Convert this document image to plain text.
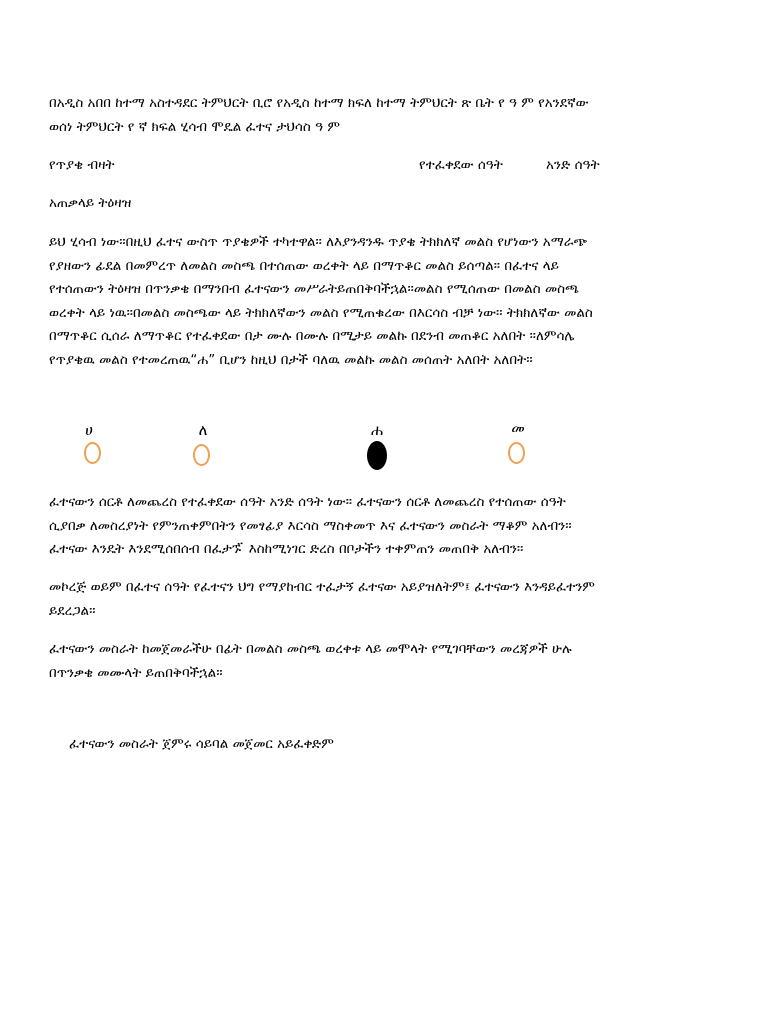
በአዲስ አበበ ከተማ አስተዳደር ትምህርት ቢሮ የአዲስ ከተማ ክፍለ ከተማ ትምህርት ጽ ቤት የ ዓ ም የአንደኛው
ወሰነ ትምህርት የ ኛ ክፍል ሂሳብ ሞዴል ፈተና ታህሳስ ዓ ም
የጥያቄ ብዛት	የተፈቀደው ሰዓት	አንድ ሰዓት
አጠቃላይ ትዕዛዝ
ይህ ሂሳብ ነው፡፡በዚህ ፈተና ውስጥ ጥያቄዎች ተካተዋል፡፡ ለእያንዳንዱ ጥያቄ ትክክለኛ መልስ የሆነውን አማራጭ
የያዘውን ፊደል በመምረጥ ለመልስ መስጫ በተሰጠው ወረቀት ላይ በማጥቆር መልስ ይሰጣል፡፡ በፈተና ላይ
የተሰጠውን ትዕዛዝ በጥንቃቄ በማንበብ ፈተናውን መሥራትይጠበቅባችኋል፡፡መልስ የሚሰጠው በመልስ መስጫ
ወረቀት ላይ ነዉ፡፡በመልስ መስጫው ላይ ትክክለኛውን መልስ የሚጠቁረው በእርሳስ ብቻ ነው፡፡ ትክክለኛው መልስ
በማጥቆር ሲሰራ ለማጥቆር የተፈቀደው በታ ሙሉ በሙሉ በሚታይ መልኩ በደንብ መጠቆር አለበት ፡፡ለምሳሌ
የጥያቄዉ መልስ የተመረጠዉ“ሐ” ቢሆን ከዚህ በታች ባለዉ መልኩ መልስ መሰጠት አለበት አለበት፡፡
ሀ	ለ	ሐ	መ
ፈተናውን ሰርቶ ለመጨረስ የተፈቀደው ሰዓት አንድ ሰዓት ነው፡፡ ፈተናውን ሰርቶ ለመጨረስ የተሰጠው ሰዓት
ሲያበቃ ለመስረያነት የምንጠቀምበትን የመፃፊያ እርሳስ ማስቀመጥ እና ፈተናውን መስራት ማቆም አለብን፡፡
ፈተናው እንዴት እንደሚሰበሰብ በፈታኙ ፟ እስከሚነገር ድረስ በቦታችን ተቀምጠን መጠበቅ አለብን፡፡
መኮረጅ ወይም በፈተና ሰዓት የፈተናን ህግ የማያከብር ተፈታኝ ፈተናው አይያዝለትም፤ ፈተናውን እንዳይፈተንም
ይደረጋል፡፡
ፈተናውን መስራት ከመጀመራችሁ በፊት በመልስ መስጫ ወረቀቱ ላይ መሞላት የሚገባቸውን መረጃዎች ሁሉ
በጥንቃቄ መሙላት ይጠበቅባችኋል፡፡
ፈተናውን መስራት ጀምሩ ሳይባል መጀመር አይፈቀድም
